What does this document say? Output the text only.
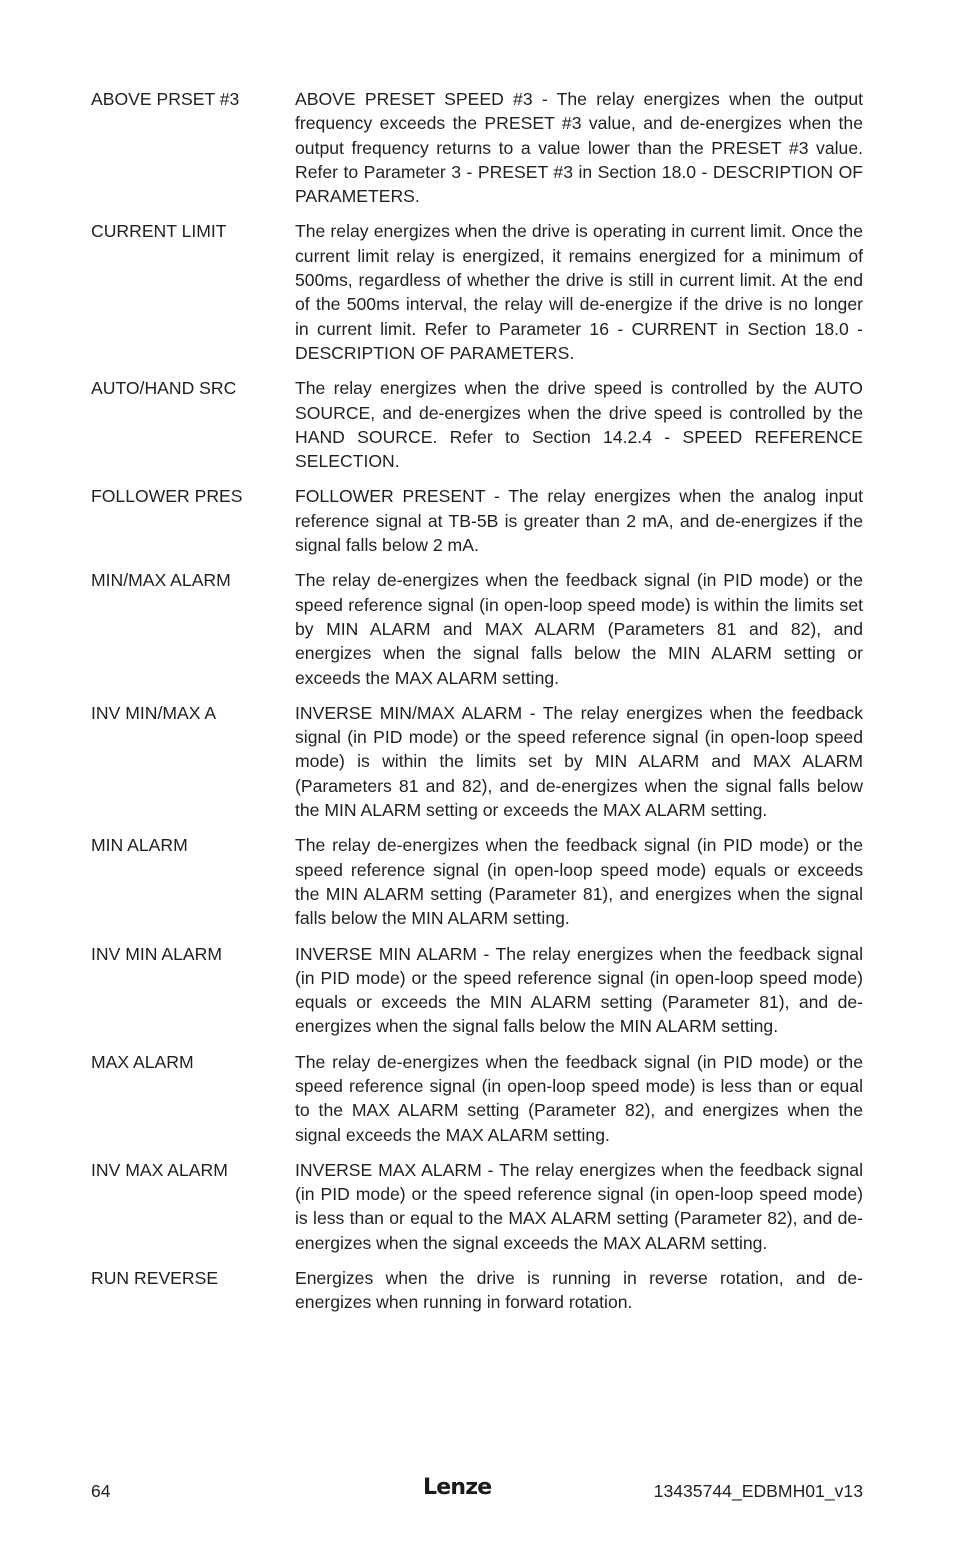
ABOVE PRSET #3	ABOVE PRESET SPEED #3 - The relay energizes when the output frequency exceeds the PRESET #3 value, and de-energizes when the output frequency returns to a value lower than the PRESET #3 value. Refer to Parameter 3 - PRESET #3 in Section 18.0 - DESCRIPTION OF PARAMETERS.
CURRENT LIMIT	The relay energizes when the drive is operating in current limit. Once the current limit relay is energized, it remains energized for a minimum of 500ms, regardless of whether the drive is still in current limit. At the end of the 500ms interval, the relay will de-energize if the drive is no longer in current limit. Refer to Parameter 16 - CURRENT in Section 18.0 - DESCRIPTION OF PARAMETERS.
AUTO/HAND SRC	The relay energizes when the drive speed is controlled by the AUTO SOURCE, and de-energizes when the drive speed is controlled by the HAND SOURCE. Refer to Section 14.2.4 - SPEED REFERENCE SELECTION.
FOLLOWER PRES	FOLLOWER PRESENT - The relay energizes when the analog input reference signal at TB-5B is greater than 2 mA, and de-energizes if the signal falls below 2 mA.
MIN/MAX ALARM	The relay de-energizes when the feedback signal (in PID mode) or the speed reference signal (in open-loop speed mode) is within the limits set by MIN ALARM and MAX ALARM (Parameters 81 and 82), and energizes when the signal falls below the MIN ALARM setting or exceeds the MAX ALARM setting.
INV MIN/MAX A	INVERSE MIN/MAX ALARM - The relay energizes when the feedback signal (in PID mode) or the speed reference signal (in open-loop speed mode) is within the limits set by MIN ALARM and MAX ALARM (Parameters 81 and 82), and de-energizes when the signal falls below the MIN ALARM setting or exceeds the MAX ALARM setting.
MIN ALARM	The relay de-energizes when the feedback signal (in PID mode) or the speed reference signal (in open-loop speed mode) equals or exceeds the MIN ALARM setting (Parameter 81), and energizes when the signal falls below the MIN ALARM setting.
INV MIN ALARM	INVERSE MIN ALARM - The relay energizes when the feedback signal (in PID mode) or the speed reference signal (in open-loop speed mode) equals or exceeds the MIN ALARM setting (Parameter 81), and de-energizes when the signal falls below the MIN ALARM setting.
MAX ALARM	The relay de-energizes when the feedback signal (in PID mode) or the speed reference signal (in open-loop speed mode) is less than or equal to the MAX ALARM setting (Parameter 82), and energizes when the signal exceeds the MAX ALARM setting.
INV MAX ALARM	INVERSE MAX ALARM - The relay energizes when the feedback signal (in PID mode) or the speed reference signal (in open-loop speed mode) is less than or equal to the MAX ALARM setting (Parameter 82), and de-energizes when the signal exceeds the MAX ALARM setting.
RUN REVERSE	Energizes when the drive is running in reverse rotation, and de-energizes when running in forward rotation.
64	Lenze	13435744_EDBMH01_v13
